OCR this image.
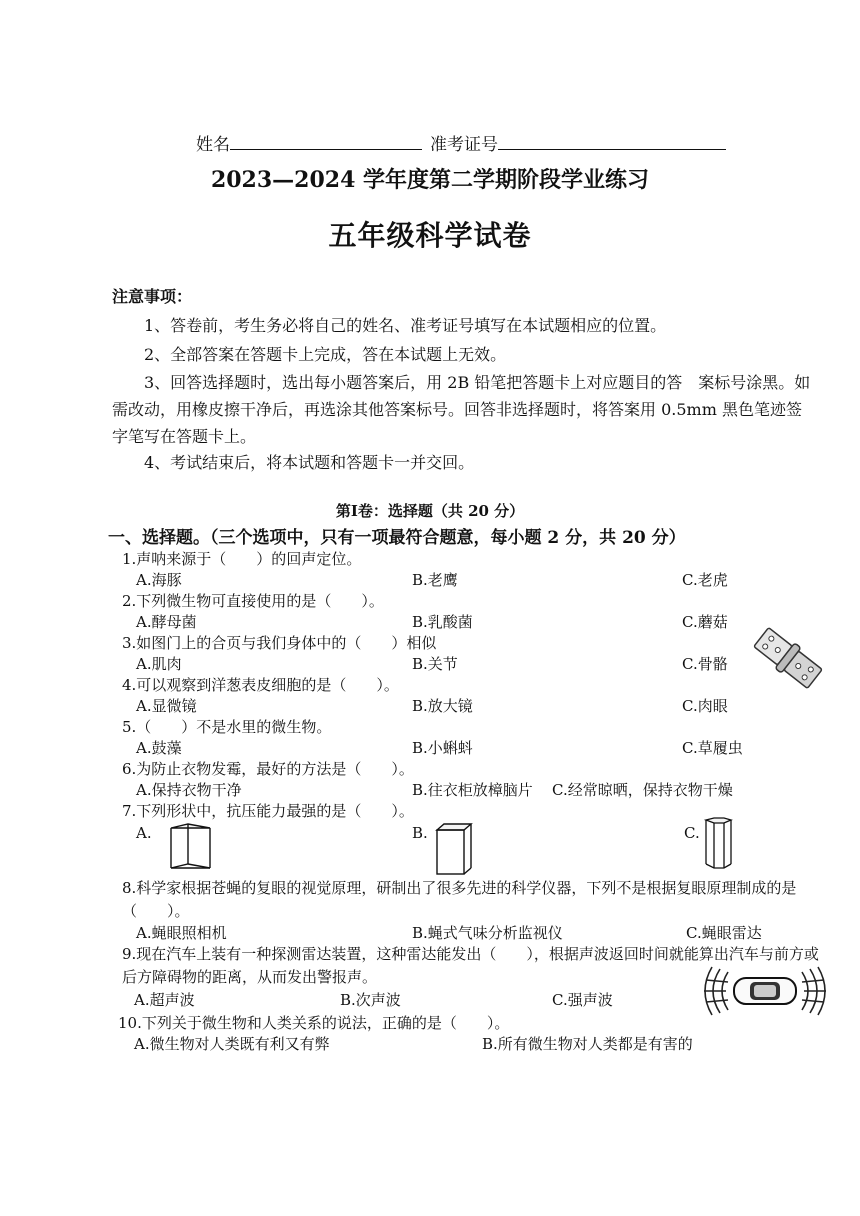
姓名	准考证号
2023—2024 学年度第二学期阶段学业练习
五年级科学试卷
注意事项：
1、答卷前，考生务必将自己的姓名、准考证号填写在本试题相应的位置。
2、全部答案在答题卡上完成，答在本试题上无效。
3、回答选择题时，选出每小题答案后，用 2B 铅笔把答题卡上对应题目的答　案标号涂黑。如需改动，用橡皮擦干净后，再选涂其他答案标号。回答非选择题时，将答案用 0.5mm 黑色笔迹签字笔写在答题卡上。
4、考试结束后，将本试题和答题卡一并交回。
第Ⅰ卷：选择题（共 20 分）
一、选择题。（三个选项中，只有一项最符合题意，每小题 2 分，共 20 分）
1.声呐来源于（　　）的回声定位。
A.海豚	B.老鹰	C.老虎
2.下列微生物可直接使用的是（　　）。
A.酵母菌	B.乳酸菌	C.蘑菇
3.如图门上的合页与我们身体中的（　　）相似
A.肌肉	B.关节	C.骨骼
4.可以观察到洋葱表皮细胞的是（　　）。
A.显微镜	B.放大镜	C.肉眼
5.（　　）不是水里的微生物。
A.鼓藻	B.小蝌蚪	C.草履虫
6.为防止衣物发霉，最好的方法是（　　）。
A.保持衣物干净	B.往衣柜放樟脑片 C.经常晾晒，保持衣物干燥
7.下列形状中，抗压能力最强的是（　　）。
A.	B.	C.
8.科学家根据苍蝇的复眼的视觉原理，研制出了很多先进的科学仪器，下列不是根据复眼原理制成的是（　　）。
A.蝇眼照相机	B.蝇式气味分析监视仪	C.蝇眼雷达
9.现在汽车上装有一种探测雷达装置，这种雷达能发出（　　），根据声波返回时间就能算出汽车与前方或后方障碍物的距离，从而发出警报声。
A.超声波	B.次声波	C.强声波
10.下列关于微生物和人类关系的说法，正确的是（　　）。
A.微生物对人类既有利又有弊	B.所有微生物对人类都是有害的
